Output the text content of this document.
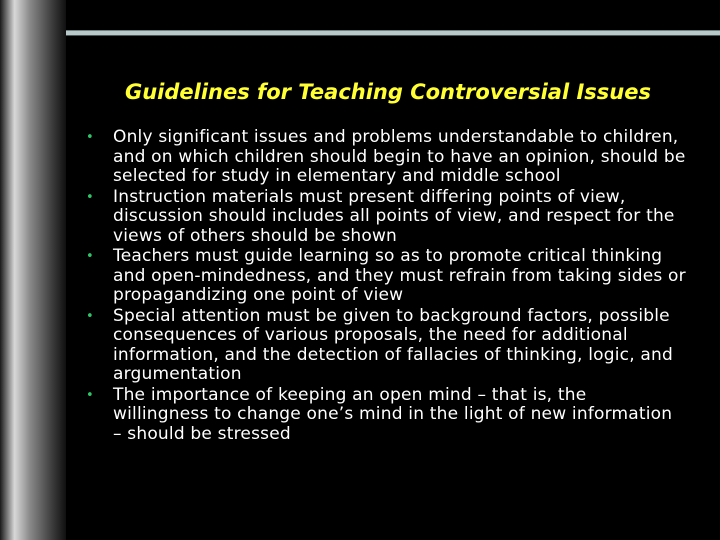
Guidelines for Teaching Controversial Issues
• Only significant issues and problems understandable to children, and on which children should begin to have an opinion, should be selected for study in elementary and middle school
• Instruction materials must present differing points of view, discussion should includes all points of view, and respect for the views of others should be shown
• Teachers must guide learning so as to promote critical thinking and open-mindedness, and they must refrain from taking sides or propagandizing one point of view
• Special attention must be given to background factors, possible consequences of various proposals, the need for additional information, and the detection of fallacies of thinking, logic, and argumentation
• The importance of keeping an open mind – that is, the willingness to change one’s mind in the light of new information – should be stressed
